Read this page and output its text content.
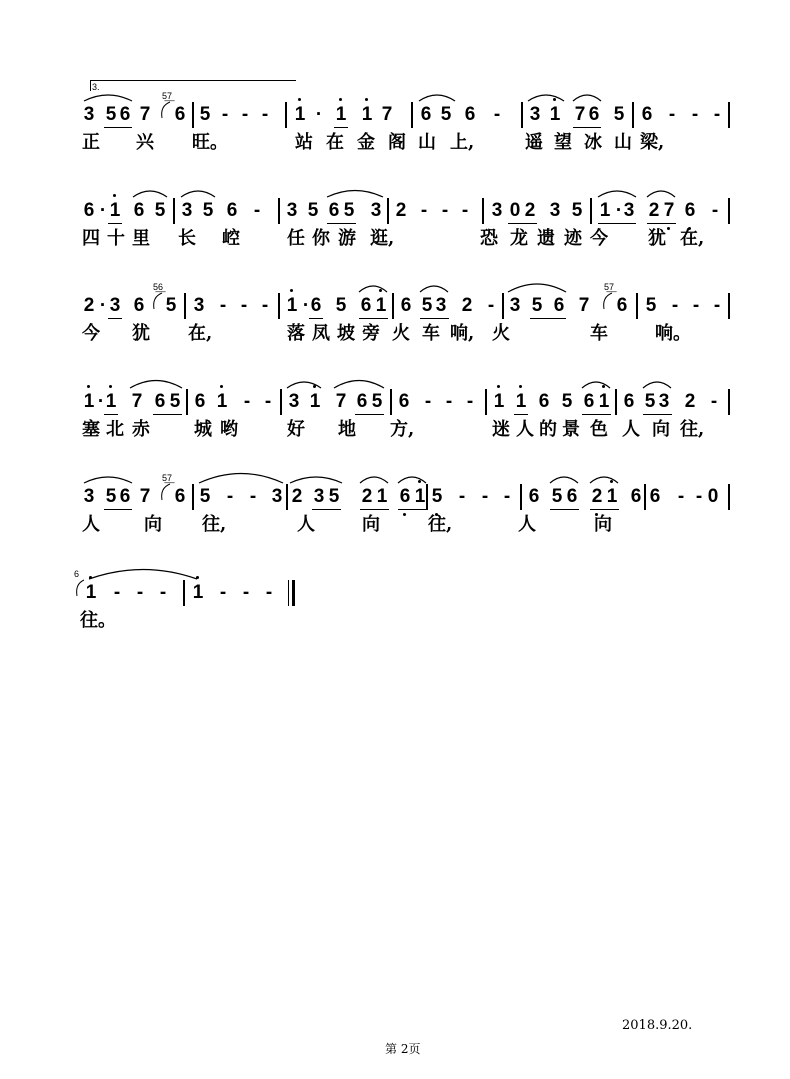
3 5 6 7 6 5 - - - 1 · 1 1 7 6 5 6 - 3 1 7 6 5 6 - - -
5̲7̲
3.
正 兴 旺。	站 在 金 阁 山 上,	遥 望 冰 山 梁,
6 · 1 6 5 3 5 6 - 3 5 6 5 3 2 - - - 3 0 2 3 5 1 · 3 2 7 6 -
四 十 里 长 崆	任 你 游 逛,	恐 龙 遗 迹 今 犹 在,
2 · 3 6 5 3 - - - 1 · 6 5 6 1 6 5 3 2 - 3 5 6 7 6 5 - - -
5̲6̲	5̲7̲
今 犹 在,	落 凤 坡 旁 火 车 响, 火	车	响。
1 · 1 7 6 5 6 1 - - 3 1 7 6 5 6 - - - 1 1 6 5 6 1 6 5 3 2 -
塞 北 赤 城 哟	好 地 方,	迷 人 的 景 色 人 向 往,
3 5 6 7 6 5 - - 3 2 3 5 2 1 6 1 5 - - - 6 5 6 2 1 6 6 - - 0
5̲7̲
人 向 往,	人	向	往,	人	向
1 - - - 1 - - -
6
往。
2018.9.20.
第 2页
